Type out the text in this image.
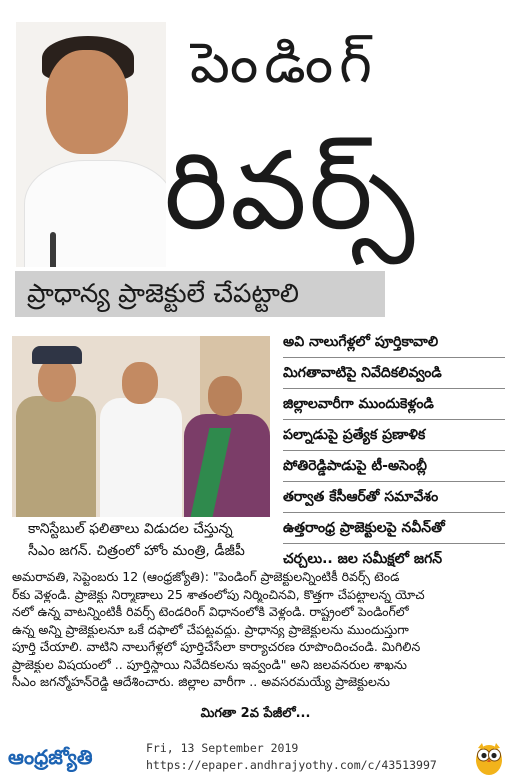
పెండింగ్
రివర్స్
ప్రాధాన్య ప్రాజెక్టులే చేపట్టాలి
కానిస్టేబుల్ ఫలితాలు విడుదల చేస్తున్న
సీఎం జగన్. చిత్రంలో హోం మంత్రి, డీజీపీ
అవి నాలుగేళ్లలో పూర్తికావాలి
మిగతావాటిపై నివేదికలివ్వండి
జిల్లాలవారీగా ముందుకెళ్లండి
పల్నాడుపై ప్రత్యేక ప్రణాళిక
పోతిరెడ్డిపాడుపై టీ-అసెంబ్లీ
తర్వాత కేసీఆర్‌తో సమావేశం
ఉత్తరాంధ్ర ప్రాజెక్టులపై నవీన్‌తో
చర్చలు.. జల సమీక్షలో జగన్

అమరావతి, సెప్టెంబరు 12 (ఆంధ్రజ్యోతి): "పెండింగ్ ప్రాజెక్టులన్నింటికీ రివర్స్ టెండ

ర్‌కు వెళ్లండి. ప్రాజెక్టు నిర్మాణాలు 25 శాతంలోపు నిర్మించినవి, కొత్తగా చేపట్టాలన్న యోచ

నలో ఉన్న వాటన్నింటికీ రివర్స్ టెండరింగ్ విధానంలోకి వెళ్లండి. రాష్ట్రంలో పెండింగ్‌లో

ఉన్న అన్ని ప్రాజెక్టులనూ ఒకే దఫాలో చేపట్టవద్దు. ప్రాధాన్య ప్రాజెక్టులను ముందుస్తుగా

పూర్తి చేయాలి. వాటిని నాలుగేళ్లలో పూర్తిచేసేలా కార్యాచరణ రూపొందించండి. మిగిలిన

ప్రాజెక్టుల విషయంలో .. పూర్తిస్థాయి నివేదికలను ఇవ్వండి" అని జలవనరుల శాఖను

సీఎం జగన్మోహన్‌రెడ్డి ఆదేశించారు. జిల్లాల వారీగా .. అవసరమయ్యే ప్రాజెక్టులను

మిగతా 2వ పేజీలో...
ఆంధ్రజ్యోతి	Fri, 13 September 2019
https://epaper.andhrajyothy.com/c/43513997
